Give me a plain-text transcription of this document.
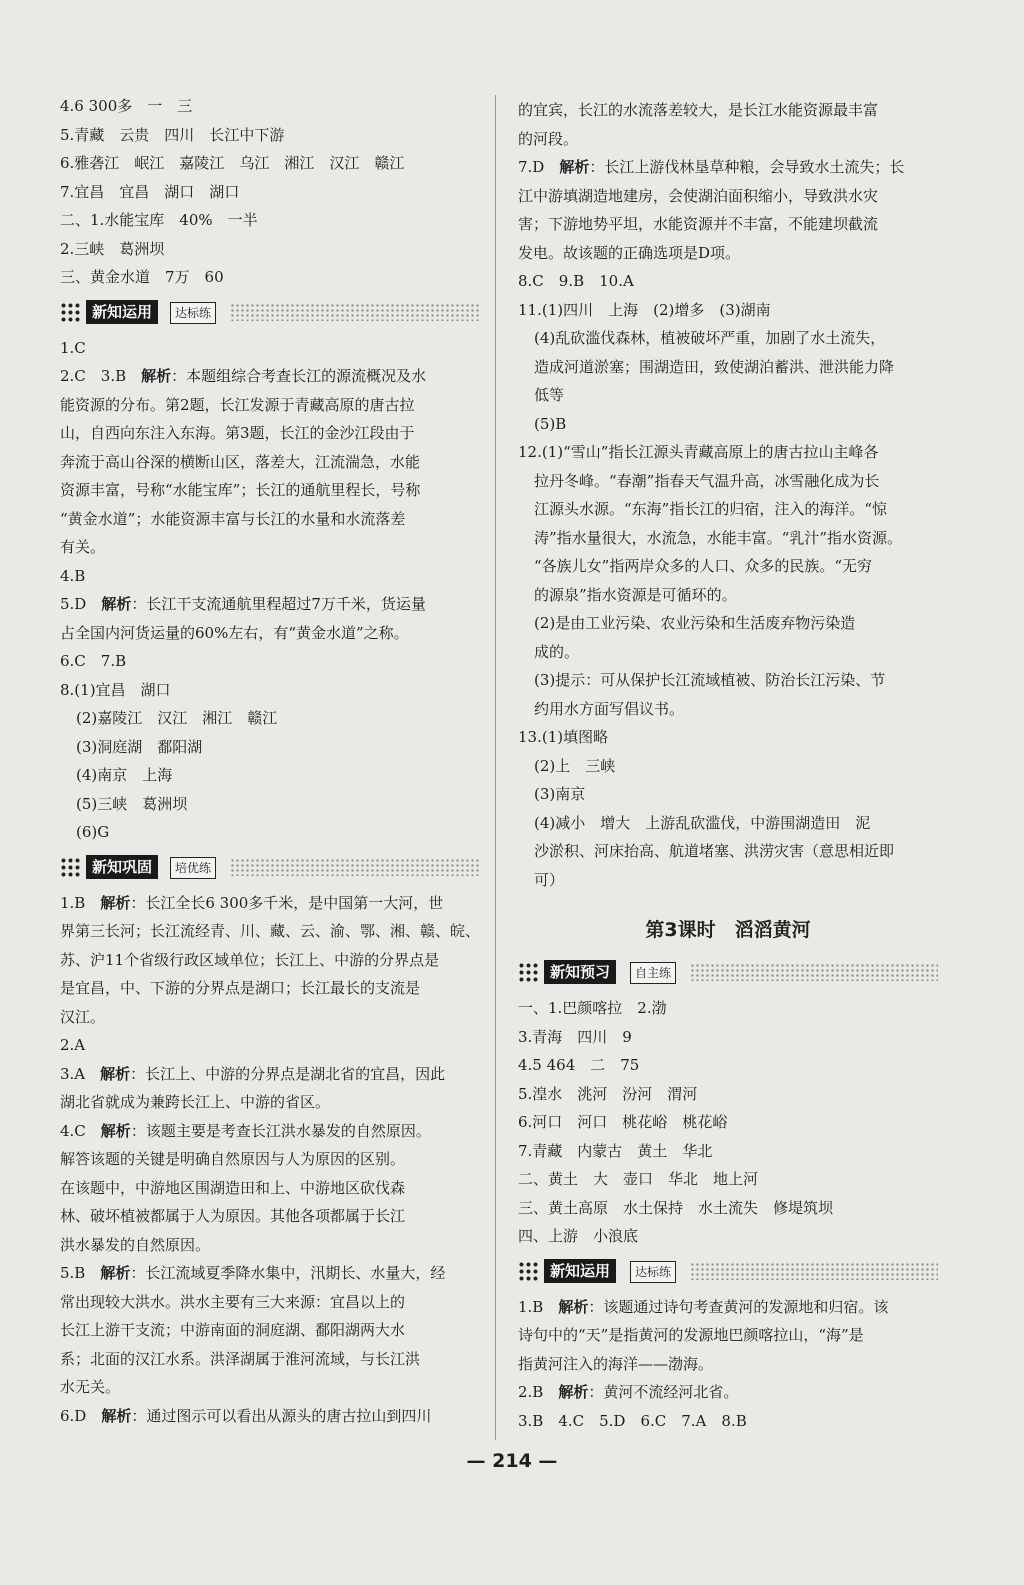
4.6 300多　一　三
5.青藏　云贵　四川　长江中下游
6.雅砻江　岷江　嘉陵江　乌江　湘江　汉江　赣江
7.宜昌　宜昌　湖口　湖口
二、1.水能宝库　40%　一半
2.三峡　葛洲坝
三、黄金水道　7万　60
新知运用	达标练
1.C
2.C　3.B　解析：本题组综合考查长江的源流概况及水
能资源的分布。第2题，长江发源于青藏高原的唐古拉
山，自西向东注入东海。第3题，长江的金沙江段由于
奔流于高山谷深的横断山区，落差大，江流湍急，水能
资源丰富，号称“水能宝库”；长江的通航里程长，号称
“黄金水道”；水能资源丰富与长江的水量和水流落差
有关。
4.B
5.D　解析：长江干支流通航里程超过7万千米，货运量
占全国内河货运量的60%左右，有“黄金水道”之称。
6.C　7.B
8.(1)宜昌　湖口
(2)嘉陵江　汉江　湘江　赣江
(3)洞庭湖　鄱阳湖
(4)南京　上海
(5)三峡　葛洲坝
(6)G
新知巩固	培优练
1.B　解析：长江全长6 300多千米，是中国第一大河，世
界第三长河；长江流经青、川、藏、云、渝、鄂、湘、赣、皖、
苏、沪11个省级行政区域单位；长江上、中游的分界点是
是宜昌，中、下游的分界点是湖口；长江最长的支流是
汉江。
2.A
3.A　解析：长江上、中游的分界点是湖北省的宜昌，因此
湖北省就成为兼跨长江上、中游的省区。
4.C　解析：该题主要是考查长江洪水暴发的自然原因。
解答该题的关键是明确自然原因与人为原因的区别。
在该题中，中游地区围湖造田和上、中游地区砍伐森
林、破坏植被都属于人为原因。其他各项都属于长江
洪水暴发的自然原因。
5.B　解析：长江流域夏季降水集中，汛期长、水量大，经
常出现较大洪水。洪水主要有三大来源：宜昌以上的
长江上游干支流；中游南面的洞庭湖、鄱阳湖两大水
系；北面的汉江水系。洪泽湖属于淮河流域，与长江洪
水无关。
6.D　解析：通过图示可以看出从源头的唐古拉山到四川
的宜宾，长江的水流落差较大，是长江水能资源最丰富
的河段。
7.D　解析：长江上游伐林垦草种粮，会导致水土流失；长
江中游填湖造地建房，会使湖泊面积缩小，导致洪水灾
害；下游地势平坦，水能资源并不丰富，不能建坝截流
发电。故该题的正确选项是D项。
8.C　9.B　10.A
11.(1)四川　上海　(2)增多　(3)湖南
(4)乱砍滥伐森林，植被破坏严重，加剧了水土流失，
造成河道淤塞；围湖造田，致使湖泊蓄洪、泄洪能力降
低等
(5)B
12.(1)“雪山”指长江源头青藏高原上的唐古拉山主峰各
拉丹冬峰。“春潮”指春天气温升高，冰雪融化成为长
江源头水源。“东海”指长江的归宿，注入的海洋。“惊
涛”指水量很大，水流急，水能丰富。“乳汁”指水资源。
“各族儿女”指两岸众多的人口、众多的民族。“无穷
的源泉”指水资源是可循环的。
(2)是由工业污染、农业污染和生活废弃物污染造
成的。
(3)提示：可从保护长江流域植被、防治长江污染、节
约用水方面写倡议书。
13.(1)填图略
(2)上　三峡
(3)南京
(4)减小　增大　上游乱砍滥伐，中游围湖造田　泥
沙淤积、河床抬高、航道堵塞、洪涝灾害（意思相近即
可）
第3课时　滔滔黄河
新知预习	自主练
一、1.巴颜喀拉　2.渤
3.青海　四川　9
4.5 464　二　75
5.湟水　洮河　汾河　渭河
6.河口　河口　桃花峪　桃花峪
7.青藏　内蒙古　黄土　华北
二、黄土　大　壶口　华北　地上河
三、黄土高原　水土保持　水土流失　修堤筑坝
四、上游　小浪底
新知运用	达标练
1.B　解析：该题通过诗句考查黄河的发源地和归宿。该
诗句中的“天”是指黄河的发源地巴颜喀拉山，“海”是
指黄河注入的海洋——渤海。
2.B　解析：黄河不流经河北省。
3.B　4.C　5.D　6.C　7.A　8.B
— 214 —
